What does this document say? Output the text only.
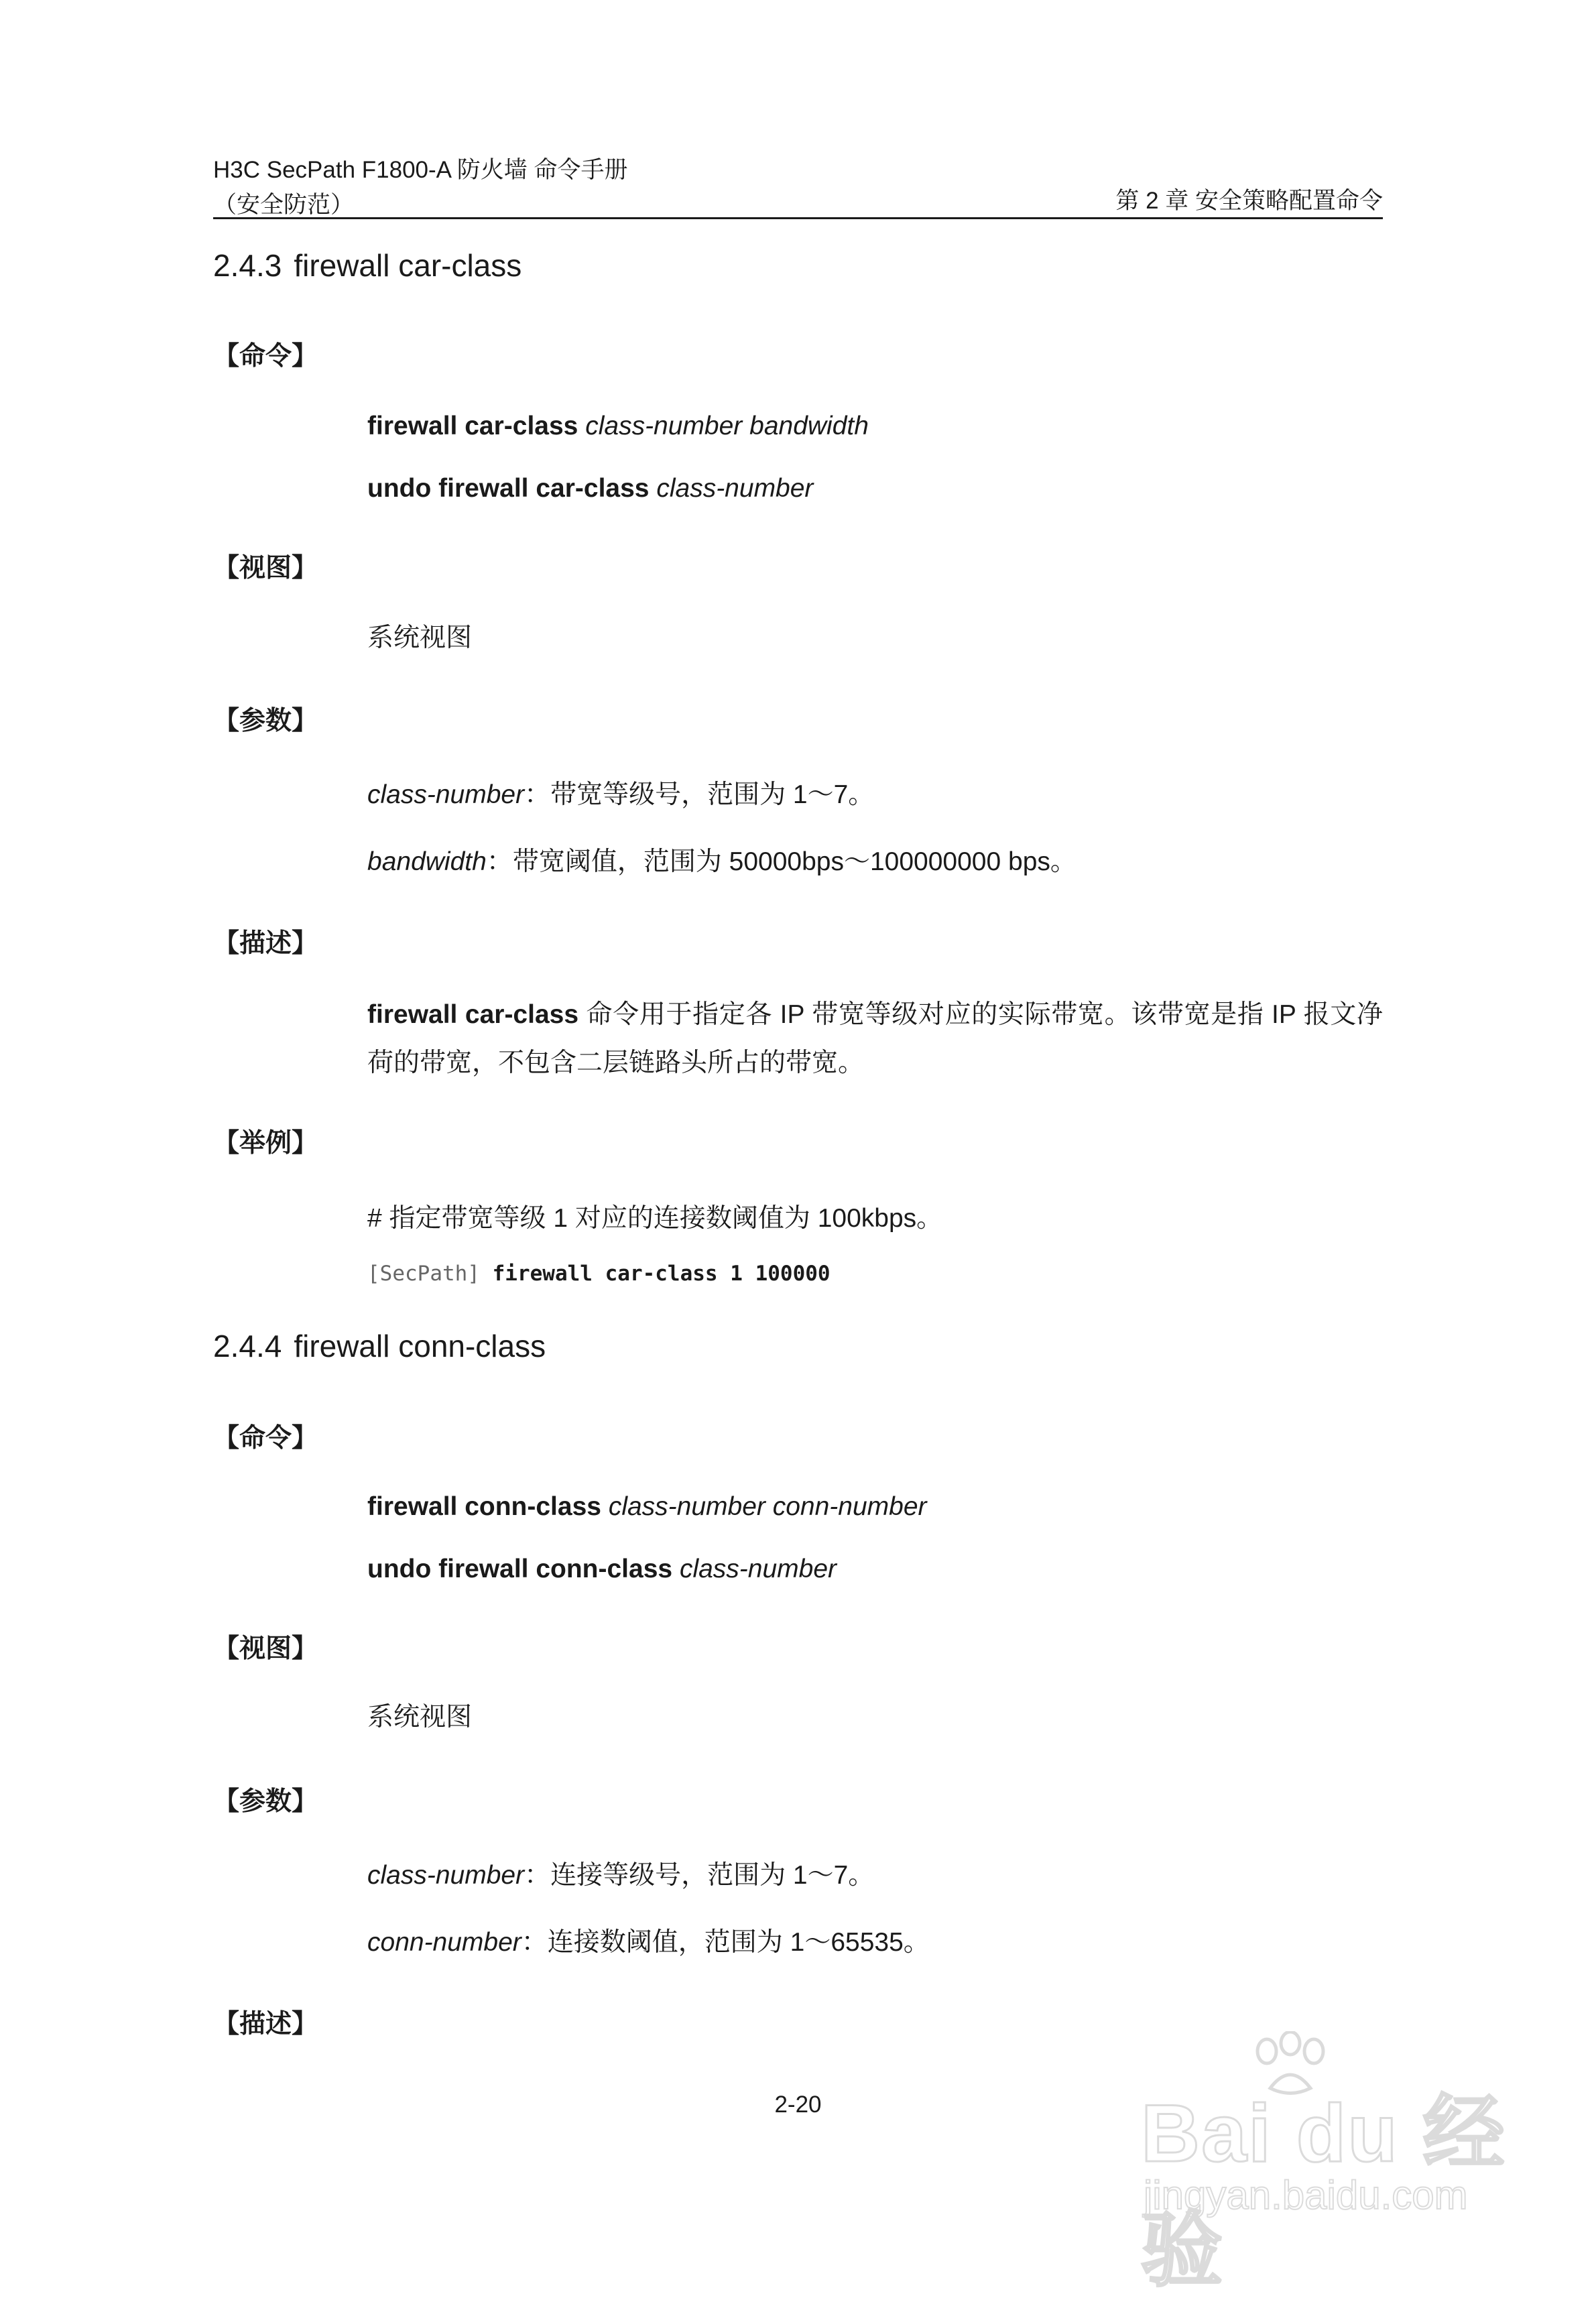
H3C SecPath F1800-A 防火墙 命令手册
（安全防范）	第 2 章 安全策略配置命令
2.4.3 firewall car-class
【命令】
firewall car-class class-number bandwidth
undo firewall car-class class-number
【视图】
系统视图
【参数】
class-number：带宽等级号，范围为 1～7。
bandwidth：带宽阈值，范围为 50000bps～100000000 bps。
【描述】
firewall car-class 命令用于指定各 IP 带宽等级对应的实际带宽。该带宽是指 IP 报文净荷的带宽，不包含二层链路头所占的带宽。
【举例】
# 指定带宽等级 1 对应的连接数阈值为 100kbps。
[SecPath] firewall car-class 1 100000
2.4.4 firewall conn-class
【命令】
firewall conn-class class-number conn-number
undo firewall conn-class class-number
【视图】
系统视图
【参数】
class-number：连接等级号，范围为 1～7。
conn-number：连接数阈值，范围为 1～65535。
【描述】
2-20	Bai du 经验
jingyan.baidu.com
